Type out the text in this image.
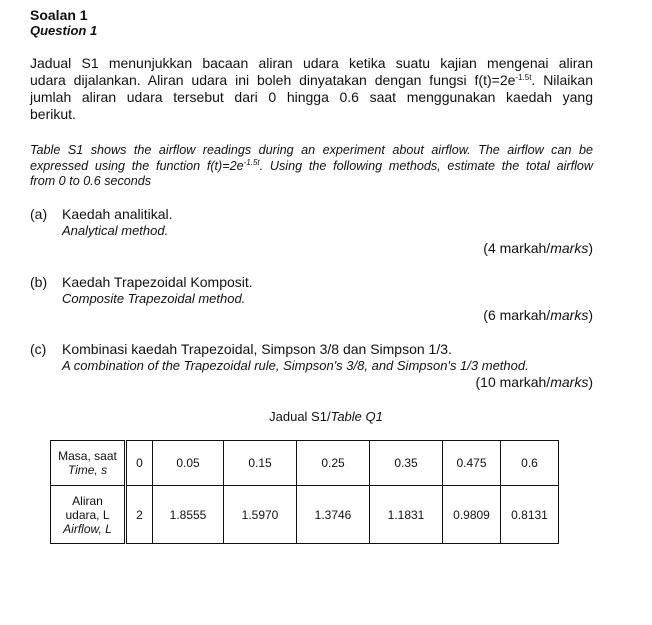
Soalan 1
Question 1
Jadual S1 menunjukkan bacaan aliran udara ketika suatu kajian mengenai aliran
udara dijalankan. Aliran udara ini boleh dinyatakan dengan fungsi $f(t)=2e^{-1.5t}$. Nilaikan
jumlah aliran udara tersebut dari 0 hingga 0.6 saat menggunakan kaedah yang
berikut.
Table S1 shows the airflow readings during an experiment about airflow. The airflow can be
expressed using the function $f(t)=2e^{-1.5t}$. Using the following methods, estimate the total airflow
from 0 to 0.6 seconds
(a) Kaedah analitikal.
Analytical method.
(4 markah/marks)
(b) Kaedah Trapezoidal Komposit.
Composite Trapezoidal method.
(6 markah/marks)
(c) Kombinasi kaedah Trapezoidal, Simpson 3/8 dan Simpson 1/3.
A combination of the Trapezoidal rule, Simpson's 3/8, and Simpson's 1/3 method.
(10 markah/marks)
Jadual S1/Table Q1
Masa, saat
Time, s	0	0.05	0.15	0.25	0.35	0.475	0.6

Aliran
udara, L
Airflow, L	2	1.8555	1.5970	1.3746	1.1831	0.9809	0.8131
